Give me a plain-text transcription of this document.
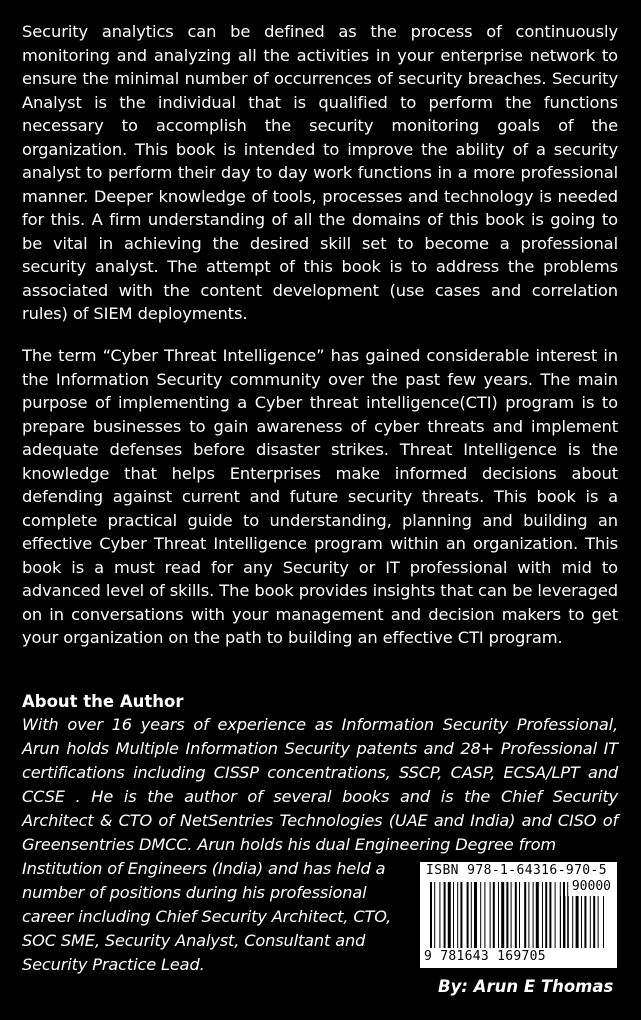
Security analytics can be defined as the process of continuously monitoring and analyzing all the activities in your enterprise network to ensure the minimal number of occurrences of security breaches. Security Analyst is the individual that is qualified to perform the functions necessary to accomplish the security monitoring goals of the organization. This book is intended to improve the ability of a security analyst to perform their day to day work functions in a more professional manner. Deeper knowledge of tools, processes and technology is needed for this. A firm understanding of all the domains of this book is going to be vital in achieving the desired skill set to become a professional security analyst. The attempt of this book is to address the problems associated with the content development (use cases and correlation rules) of SIEM deployments.

The term “Cyber Threat Intelligence” has gained considerable interest in the Information Security community over the past few years. The main purpose of implementing a Cyber threat intelligence(CTI) program is to prepare businesses to gain awareness of cyber threats and implement adequate defenses before disaster strikes. Threat Intelligence is the knowledge that helps Enterprises make informed decisions about defending against current and future security threats. This book is a complete practical guide to understanding, planning and building an effective Cyber Threat Intelligence program within an organization. This book is a must read for any Security or IT professional with mid to advanced level of skills. The book provides insights that can be leveraged on in conversations with your management and decision makers to get your organization on the path to building an effective CTI program.

About the Author

With over 16 years of experience as Information Security Professional, Arun holds Multiple Information Security patents and 28+ Professional IT certifications including CISSP concentrations, SSCP, CASP, ECSA/LPT and CCSE . He is the author of several books and is the Chief Security Architect & CTO of NetSentries Technologies (UAE and India) and CISO of Greensentries DMCC. Arun holds his dual Engineering Degree from

Institution of Engineers (India) and has held a
number of positions during his professional
career including Chief Security Architect, CTO,
SOC SME, Security Analyst, Consultant and
Security Practice Lead.

ISBN 978-1-64316-970-5
90000
9 781643 169705
By: Arun E Thomas
